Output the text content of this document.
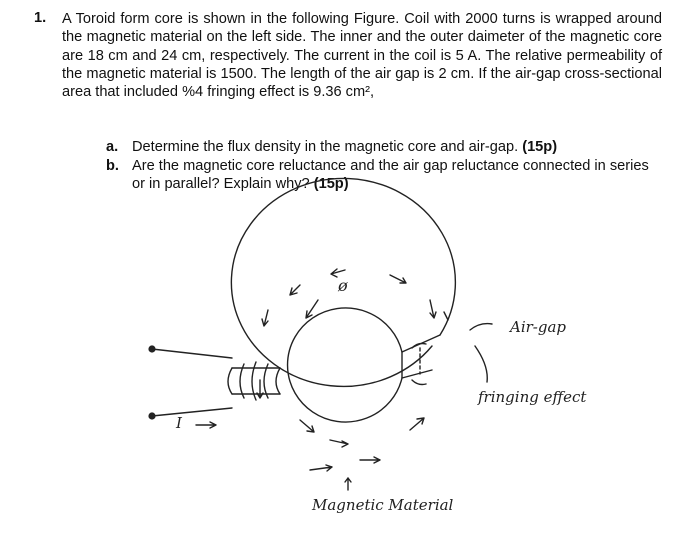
1. A Toroid form core is shown in the following Figure. Coil with 2000 turns is wrapped around the magnetic material on the left side. The inner and the outer daimeter of the magnetic core are 18 cm and 24 cm, respectively. The current in the coil is 5 A. The relative permeability of the magnetic material is 1500. The length of the air gap is 2 cm. If the air-gap cross-sectional area that included %4 fringing effect is 9.36 cm²,
a. Determine the flux density in the magnetic core and air-gap. (15p)
b. Are the magnetic core reluctance and the air gap reluctance connected in series or in parallel? Explain why? (15p)
ø
Air-gap
fringing effect
I
Magnetic Material
